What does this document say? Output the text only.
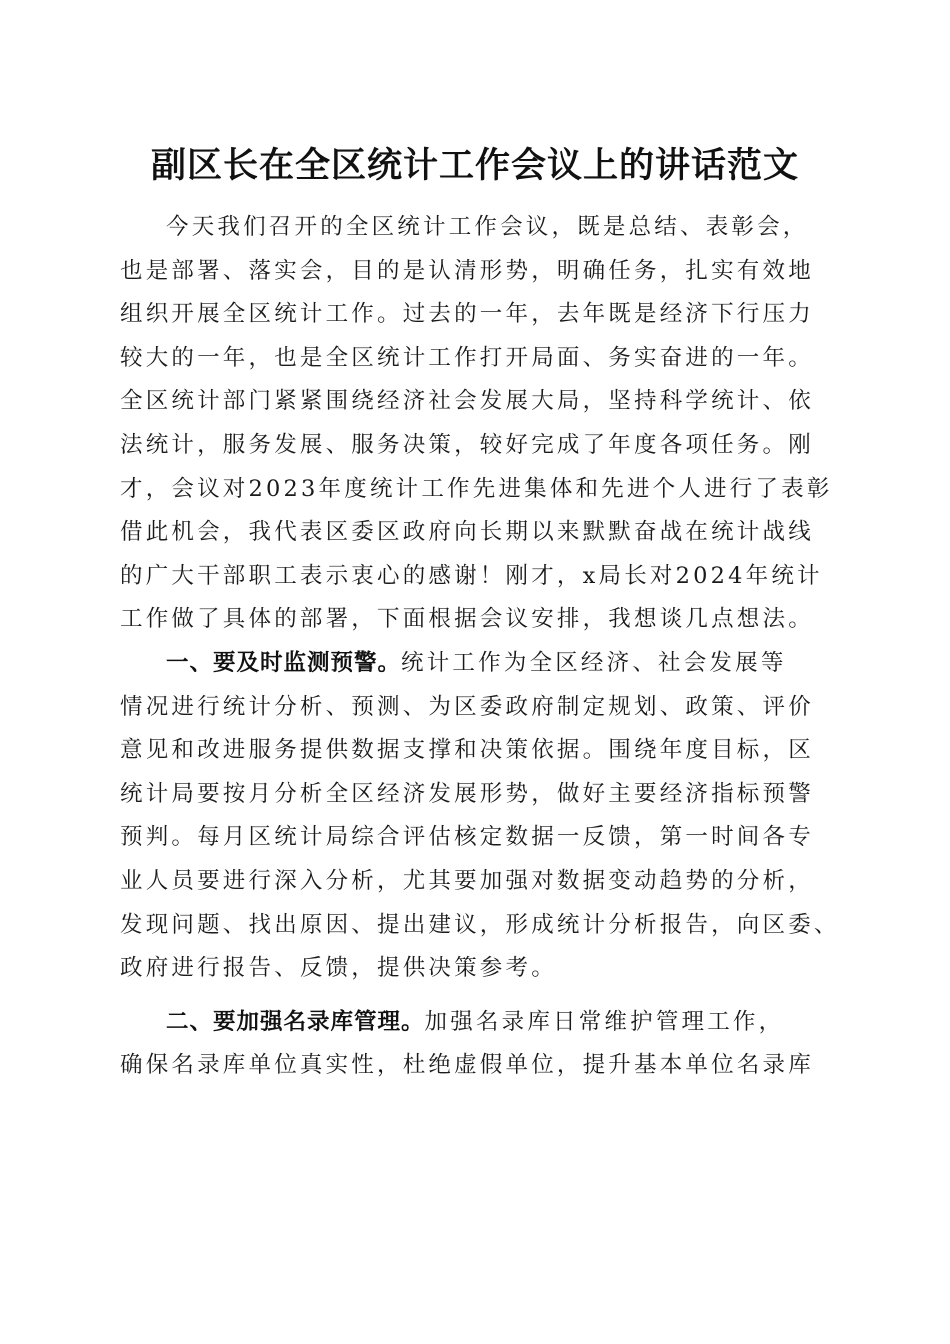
副区长在全区统计工作会议上的讲话范文

今天我们召开的全区统计工作会议，既是总结、表彰会，
也是部署、落实会，目的是认清形势，明确任务，扎实有效地
组织开展全区统计工作。过去的一年，去年既是经济下行压力
较大的一年，也是全区统计工作打开局面、务实奋进的一年。
全区统计部门紧紧围绕经济社会发展大局，坚持科学统计、依
法统计，服务发展、服务决策，较好完成了年度各项任务。刚
才，会议对2023年度统计工作先进集体和先进个人进行了表彰
借此机会，我代表区委区政府向长期以来默默奋战在统计战线
的广大干部职工表示衷心的感谢！刚才，x局长对2024年统计
工作做了具体的部署，下面根据会议安排，我想谈几点想法。

一、要及时监测预警。统计工作为全区经济、社会发展等
情况进行统计分析、预测、为区委政府制定规划、政策、评价
意见和改进服务提供数据支撑和决策依据。围绕年度目标，区
统计局要按月分析全区经济发展形势，做好主要经济指标预警
预判。每月区统计局综合评估核定数据一反馈，第一时间各专
业人员要进行深入分析，尤其要加强对数据变动趋势的分析，
发现问题、找出原因、提出建议，形成统计分析报告，向区委、
政府进行报告、反馈，提供决策参考。

二、要加强名录库管理。加强名录库日常维护管理工作，
确保名录库单位真实性，杜绝虚假单位，提升基本单位名录库
